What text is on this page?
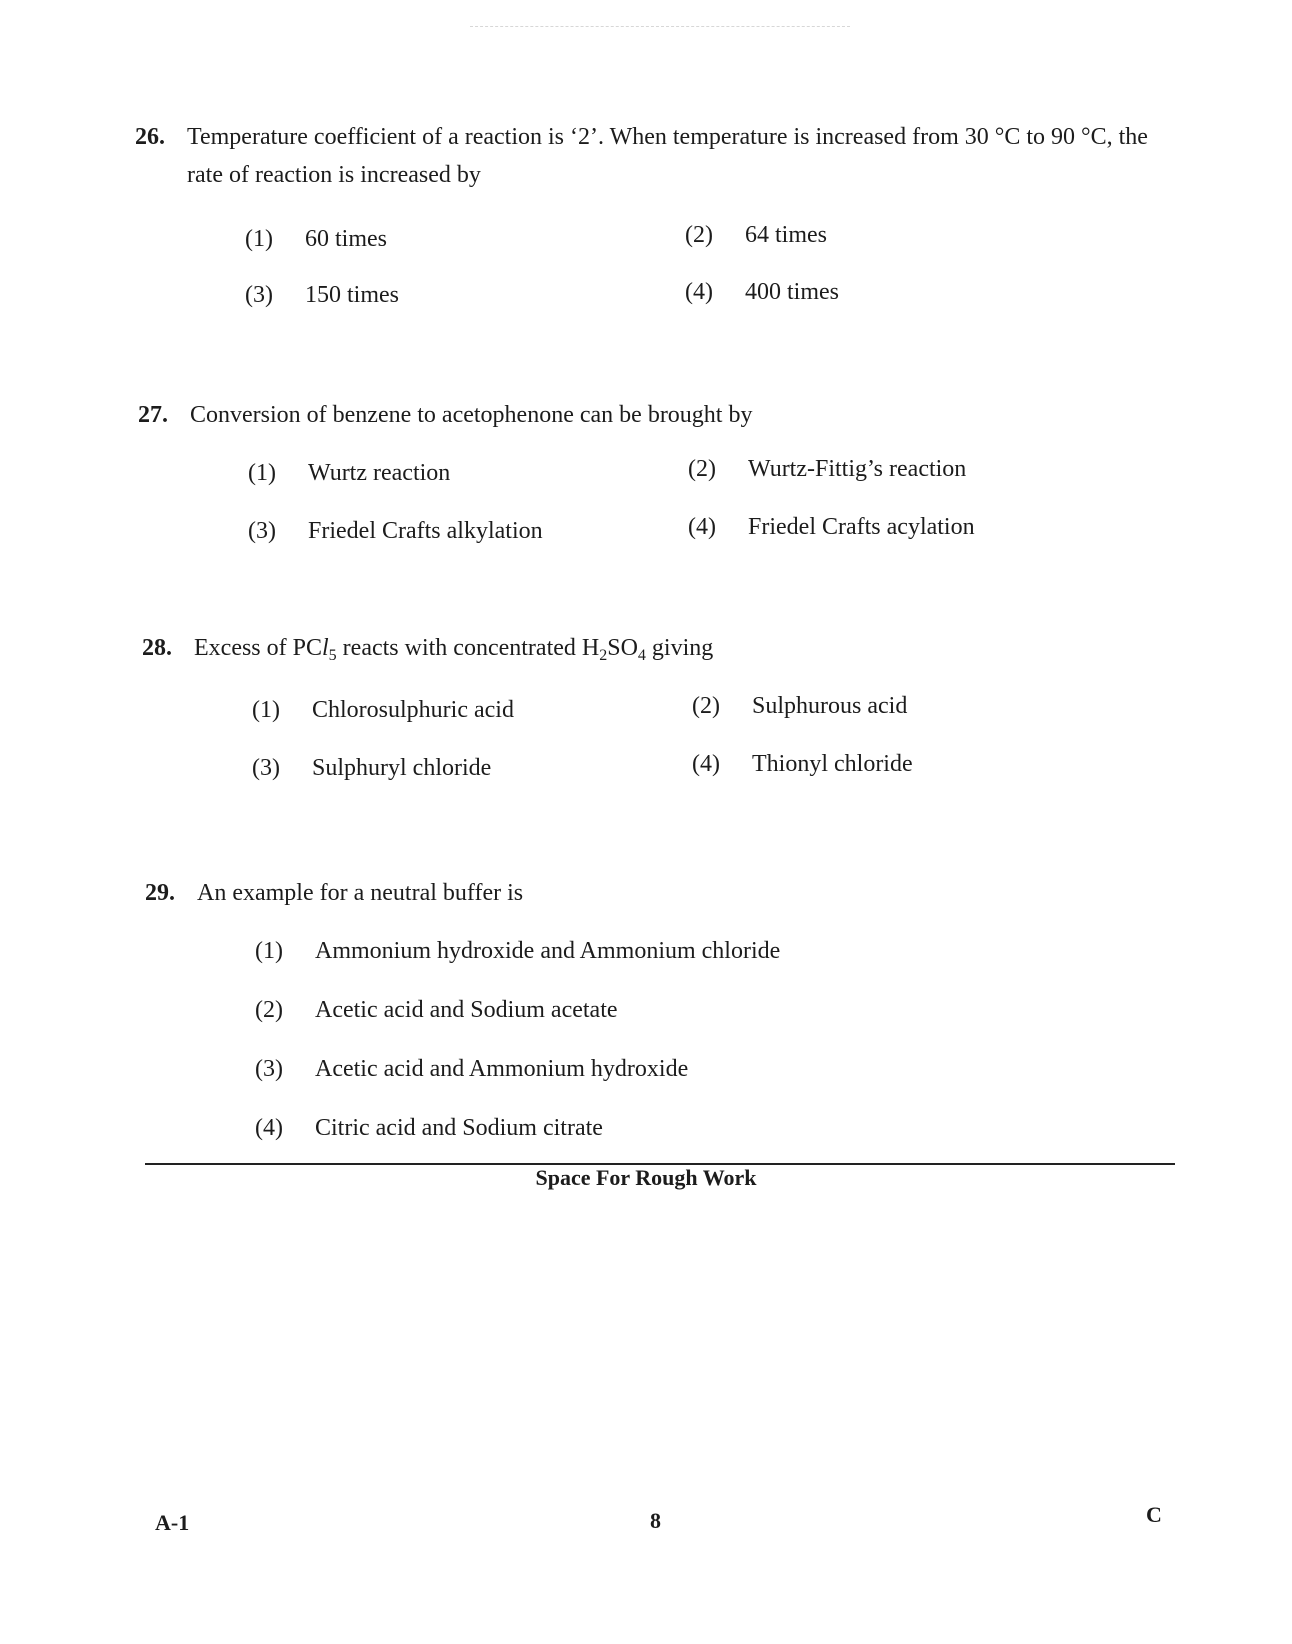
26. Temperature coefficient of a reaction is ‘2’. When temperature is increased from 30 °C to 90 °C, the rate of reaction is increased by
(1) 60 times	(2) 64 times
(3) 150 times	(4) 400 times
27. Conversion of benzene to acetophenone can be brought by
(1) Wurtz reaction	(2) Wurtz-Fittig’s reaction
(3) Friedel Crafts alkylation	(4) Friedel Crafts acylation
28. Excess of PCl$_5$ reacts with concentrated $H_2SO_4$ giving
(1) Chlorosulphuric acid	(2) Sulphurous acid
(3) Sulphuryl chloride	(4) Thionyl chloride
29. An example for a neutral buffer is
(1) Ammonium hydroxide and Ammonium chloride
(2) Acetic acid and Sodium acetate
(3) Acetic acid and Ammonium hydroxide
(4) Citric acid and Sodium citrate
Space For Rough Work
A-1	8	C
